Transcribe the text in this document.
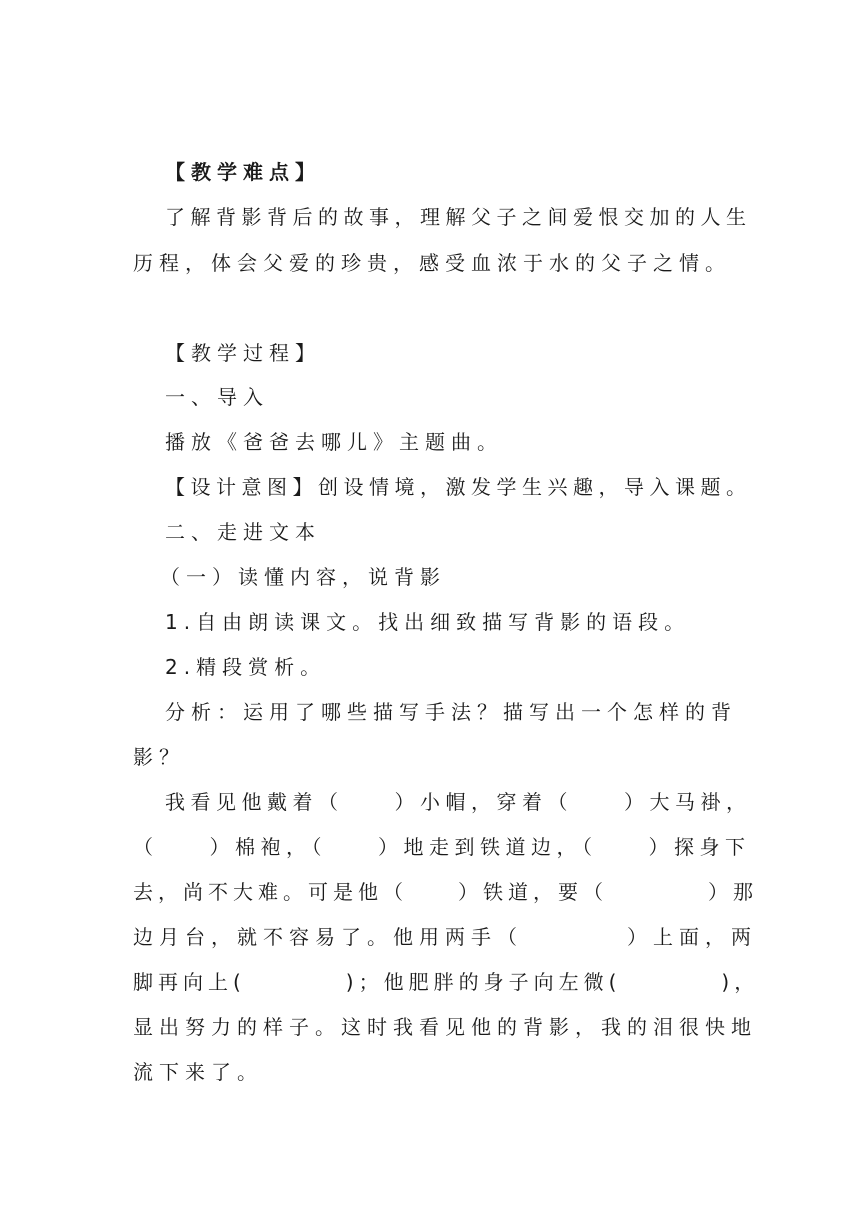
【教学难点】
了解背影背后的故事，理解父子之间爱恨交加的人生
历程，体会父爱的珍贵，感受血浓于水的父子之情。
【教学过程】
一、导入
播放《爸爸去哪儿》主题曲。
【设计意图】创设情境，激发学生兴趣，导入课题。
二、走进文本
（一）读懂内容，说背影
1.自由朗读课文。找出细致描写背影的语段。
2.精段赏析。
分析：运用了哪些描写手法？描写出一个怎样的背
影？
我看见他戴着（　　）小帽，穿着（　　）大马褂，
（　　）棉袍，（　　）地走到铁道边，（　　）探身下
去，尚不大难。可是他（　　）铁道，要（　　　　）那
边月台，就不容易了。他用两手（　　　　）上面，两
脚再向上(　　　　)；他肥胖的身子向左微(　　　　)，
显出努力的样子。这时我看见他的背影，我的泪很快地
流下来了。
